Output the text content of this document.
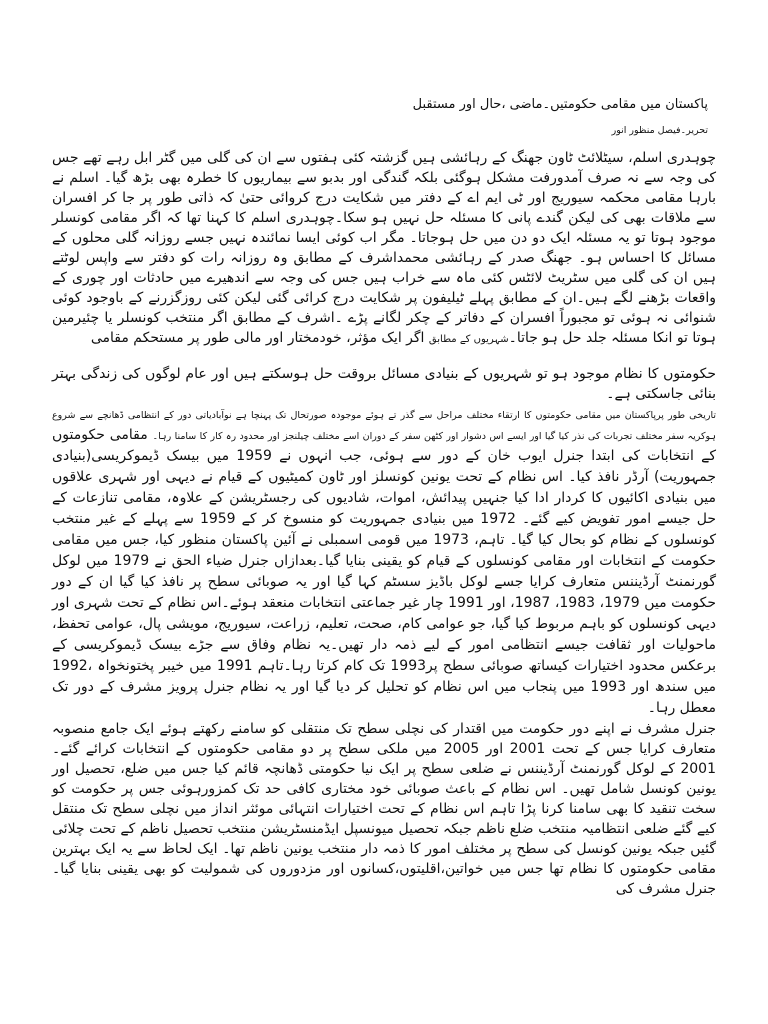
پاکستان میں مقامی حکومتیں۔ماضی ،حال اور مستقبل
تحریر۔فیصل منظور انور

چوہدری اسلم، سیٹلائٹ ٹاون جھنگ کے رہائشی ہیں گزشتہ کئی ہفتوں سے ان کی گلی میں گٹر ابل رہے تھے جس کی وجہ سے نہ صرف آمدورفت مشکل ہوگئی بلکہ گندگی اور بدبو سے بیماریوں کا خطرہ بھی بڑھ گیا۔ اسلم نے بارہا مقامی محکمہ سیوریج اور ٹی ایم اے کے دفتر میں شکایت درج کروائی حتیٰ کہ ذاتی طور پر جا کر افسران سے ملاقات بھی کی لیکن گندے پانی کا مسئلہ حل نہیں ہو سکا۔چوہدری اسلم کا کہنا تھا کہ اگر مقامی کونسلر موجود ہوتا تو یہ مسئلہ ایک دو دن میں حل ہوجاتا۔ مگر اب کوئی ایسا نمائندہ نہیں جسے روزانہ گلی محلوں کے مسائل کا احساس ہو۔ جھنگ صدر کے رہائشی محمداشرف کے مطابق وہ روزانہ رات کو دفتر سے واپس لوٹتے ہیں ان کی گلی میں سٹریٹ لائٹس کئی ماہ سے خراب ہیں جس کی وجہ سے اندھیرے میں حادثات اور چوری کے واقعات بڑھنے لگے ہیں۔ان کے مطابق پہلے ٹیلیفون پر شکایت درج کرائی گئی لیکن کئی روزگزرنے کے باوجود کوئی شنوائی نہ ہوئی تو مجبوراً افسران کے دفاتر کے چکر لگانے پڑے ۔اشرف کے مطابق اگر منتخب کونسلر یا چئیرمین ہوتا تو انکا مسئلہ جلد حل ہو جاتا۔شہریوں کے مطابق اگر ایک مؤثر، خودمختار اور مالی طور پر مستحکم مقامی

حکومتوں کا نظام موجود ہو تو شہریوں کے بنیادی مسائل بروقت حل ہوسکتے ہیں اور عام لوگوں کی زندگی بہتر بنائی جاسکتی ہے۔

تاریخی طور پرپاکستان میں مقامی حکومتوں کا ارتقاء مختلف مراحل سے گذر تے ہوئے موجودہ صورتحال تک پہنچا ہے نوآبادیاتی دور کے انتظامی ڈھانچے سے شروع ہوکریہ سفر مختلف تجربات کی نذر کیا گیا اور ایسے اس دشوار اور کٹھن سفر کے دوران اسے مختلف چیلنجز اور محدود رہ کار کا سامنا رہا۔ مقامی حکومتوں کے انتخابات کی ابتدا جنرل ایوب خان کے دور سے ہوئی، جب انہوں نے 1959 میں بیسک ڈیموکریسی(بنیادی جمہوریت) آرڈر نافذ کیا۔ اس نظام کے تحت یونین کونسلز اور ٹاون کمیٹیوں کے قیام نے دیہی اور شہری علاقوں میں بنیادی اکائیوں کا کردار ادا کیا جنہیں پیدائش، اموات، شادیوں کی رجسٹریشن کے علاوہ، مقامی تنازعات کے حل جیسے امور تفویض کیے گئے۔ 1972 میں بنیادی جمہوریت کو منسوخ کر کے 1959 سے پہلے کے غیر منتخب کونسلوں کے نظام کو بحال کیا گیا۔ تاہم، 1973 میں قومی اسمبلی نے آئین پاکستان منظور کیا، جس میں مقامی حکومت کے انتخابات اور مقامی کونسلوں کے قیام کو یقینی بنایا گیا۔بعدازاں جنرل ضیاء الحق نے 1979 میں لوکل گورنمنٹ آرڈیننس متعارف کرایا جسے لوکل باڈیز سسٹم کہا گیا اور یہ صوبائی سطح پر نافذ کیا گیا ان کے دور حکومت میں 1979، 1983، 1987، اور 1991 چار غیر جماعتی انتخابات منعقد ہوئے۔اس نظام کے تحت شہری اور دیہی کونسلوں کو باہم مربوط کیا گیا، جو عوامی کام، صحت، تعلیم، زراعت، سیوریج، مویشی پال، عوامی تحفظ، ماحولیات اور ثقافت جیسے انتظامی امور کے لیے ذمہ دار تھیں۔یہ نظام وفاق سے جڑے بیسک ڈیموکریسی کے برعکس محدود اختیارات کیساتھ صوبائی سطح پر1993 تک کام کرتا رہا۔تاہم 1991 میں خیبر پختونخواہ ،1992 میں سندھ اور 1993 میں پنجاب میں اس نظام کو تحلیل کر دیا گیا اور یہ نظام جنرل پرویز مشرف کے دور تک معطل رہا۔

جنرل مشرف نے اپنے دور حکومت میں اقتدار کی نچلی سطح تک منتقلی کو سامنے رکھتے ہوئے ایک جامع منصوبہ متعارف کرایا جس کے تحت 2001 اور 2005 میں ملکی سطح پر دو مقامی حکومتوں کے انتخابات کرائے گئے۔ 2001 کے لوکل گورنمنٹ آرڈیننس نے ضلعی سطح پر ایک نیا حکومتی ڈھانچہ قائم کیا جس میں ضلع، تحصیل اور یونین کونسل شامل تھیں۔ اس نظام کے باعث صوبائی خود مختاری کافی حد تک کمزورہوئی جس پر حکومت کو سخت تنقید کا بھی سامنا کرنا پڑا تاہم اس نظام کے تحت اختیارات انتہائی موئثر انداز میں نچلی سطح تک منتقل کیے گئے ضلعی انتظامیہ منتخب ضلع ناظم جبکہ تحصیل میونسپل ایڈمنسٹریشن منتخب تحصیل ناظم کے تحت چلائی گئیں جبکہ یونین کونسل کی سطح پر مختلف امور کا ذمہ دار منتخب یونین ناظم تھا۔ ایک لحاظ سے یہ ایک بہترین مقامی حکومتوں کا نظام تھا جس میں خواتین،اقلیتوں،کسانوں اور مزدوروں کی شمولیت کو بھی یقینی بنایا گیا۔ جنرل مشرف کی
